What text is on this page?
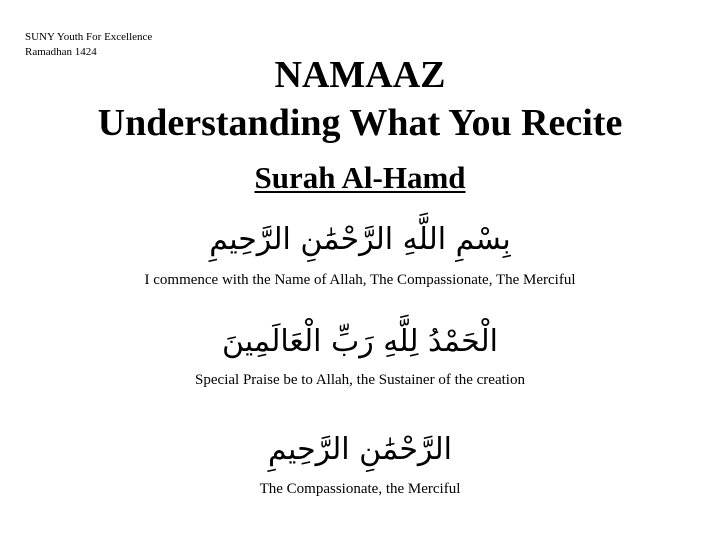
SUNY Youth For Excellence
Ramadhan 1424
NAMAAZ
Understanding What You Recite
Surah Al-Hamd
بِسْمِ اللَّهِ الرَّحْمَٰنِ الرَّحِيمِ
I commence with the Name of Allah, The Compassionate, The Merciful
الْحَمْدُ لِلَّهِ رَبِّ الْعَالَمِينَ
Special Praise be to Allah, the Sustainer of the creation
الرَّحْمَٰنِ الرَّحِيمِ
The Compassionate, the Merciful
